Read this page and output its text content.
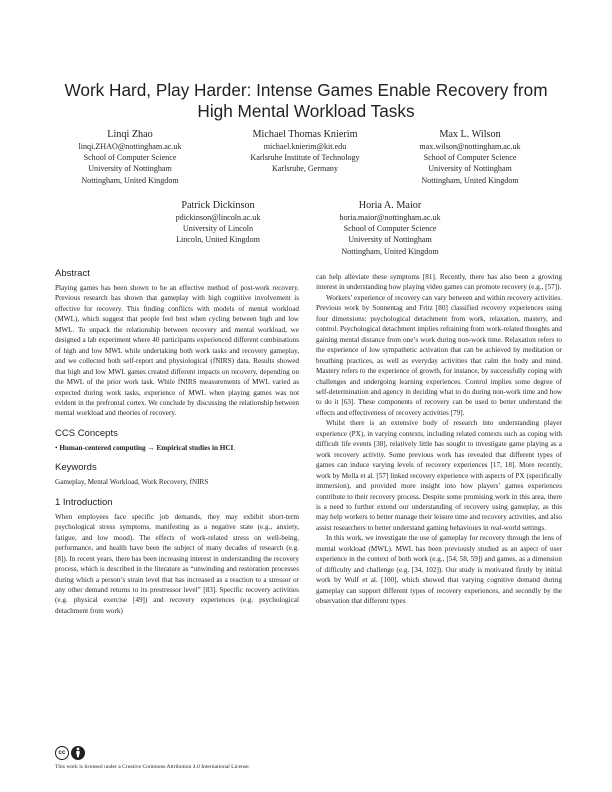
Work Hard, Play Harder: Intense Games Enable Recovery from
High Mental Workload Tasks
Linqi Zhao
linqi.ZHAO@nottingham.ac.uk
School of Computer Science
University of Nottingham
Nottingham, United Kingdom
Michael Thomas Knierim
michael.knierim@kit.edu
Karlsruhe Institute of Technology
Karlsruhe, Germany
Max L. Wilson
max.wilson@nottingham.ac.uk
School of Computer Science
University of Nottingham
Nottingham, United Kingdom
Patrick Dickinson
pdickinson@lincoln.ac.uk
University of Lincoln
Lincoln, United Kingdom
Horia A. Maior
horia.maior@nottingham.ac.uk
School of Computer Science
University of Nottingham
Nottingham, United Kingdom
Abstract

Playing games has been shown to be an effective method of post-work recovery. Previous research has shown that gameplay with high cognitive involvement is effective for recovery. This finding conflicts with models of mental workload (MWL), which suggest that people feel best when cycling between high and low MWL. To unpack the relationship between recovery and mental workload, we designed a lab experiment where 40 participants experienced different combinations of high and low MWL while undertaking both work tasks and recovery gameplay, and we collected both self-report and physiological (fNIRS) data. Results showed that high and low MWL games created different impacts on recovery, depending on the MWL of the prior work task. While fNIRS measurements of MWL varied as expected during work tasks, experience of MWL when playing games was not evident in the prefrontal cortex. We conclude by discussing the relationship between mental workload and theories of recovery.

CCS Concepts

• Human-centered computing → Empirical studies in HCI.

Keywords

Gameplay, Mental Workload, Work Recovery, fNIRS

1 Introduction

When employees face specific job demands, they may exhibit short-term psychological stress symptoms, manifesting as a negative state (e.g., anxiety, fatigue, and low mood). The effects of work-related stress on well-being, performance, and health have been the subject of many decades of research (e.g. [8]). In recent years, there has been increasing interest in understanding the recovery process, which is described in the literature as “unwinding and restoration processes during which a person’s strain level that has increased as a reaction to a stressor or any other demand returns to its prestressor level” [83]. Specific recovery activities (e.g. physical exercise [49]) and recovery experiences (e.g. psychological detachment from work)

cc
This work is licensed under a Creative Commons Attribution 4.0 International License.

can help alleviate these symptoms [81]. Recently, there has also been a growing interest in understanding how playing video games can promote recovery (e.g., [57]).

Workers’ experience of recovery can vary between and within recovery activities. Previous work by Sonnentag and Fritz [80] classified recovery experiences using four dimensions: psychological detachment from work, relaxation, mastery, and control. Psychological detachment implies refraining from work-related thoughts and gaining mental distance from one’s work during non-work time. Relaxation refers to the experience of low sympathetic activation that can be achieved by meditation or breathing practices, as well as everyday activities that calm the body and mind. Mastery refers to the experience of growth, for instance, by successfully coping with challenges and undergoing learning experiences. Control implies some degree of self-determination and agency in deciding what to do during non-work time and how to do it [63]. These components of recovery can be used to better understand the effects and effectiveness of recovery activities [79].

Whilst there is an extensive body of research into understanding player experience (PX), in varying contexts, including related contexts such as coping with difficult life events [38], relatively little has sought to investigate game playing as a work recovery activity. Some previous work has revealed that different types of games can induce varying levels of recovery experiences [17, 18]. More recently, work by Mella et al. [57] linked recovery experience with aspects of PX (specifically immersion), and provided more insight into how players’ games experiences contribute to their recovery process. Despite some promising work in this area, there is a need to further extend our understanding of recovery using gameplay, as this may help workers to better manage their leisure time and recovery activities, and also assist researchers to better understand gaming behaviours in real-world settings.

In this work, we investigate the use of gameplay for recovery through the lens of mental workload (MWL). MWL has been previously studied as an aspect of user experience in the context of both work (e.g., [54, 58, 59]) and games, as a dimension of difficulty and challenge (e.g. [34, 102]). Our study is motivated firstly by initial work by Wulf et al. [100], which showed that varying cognitive demand during gameplay can support different types of recovery experiences, and secondly by the observation that different types
